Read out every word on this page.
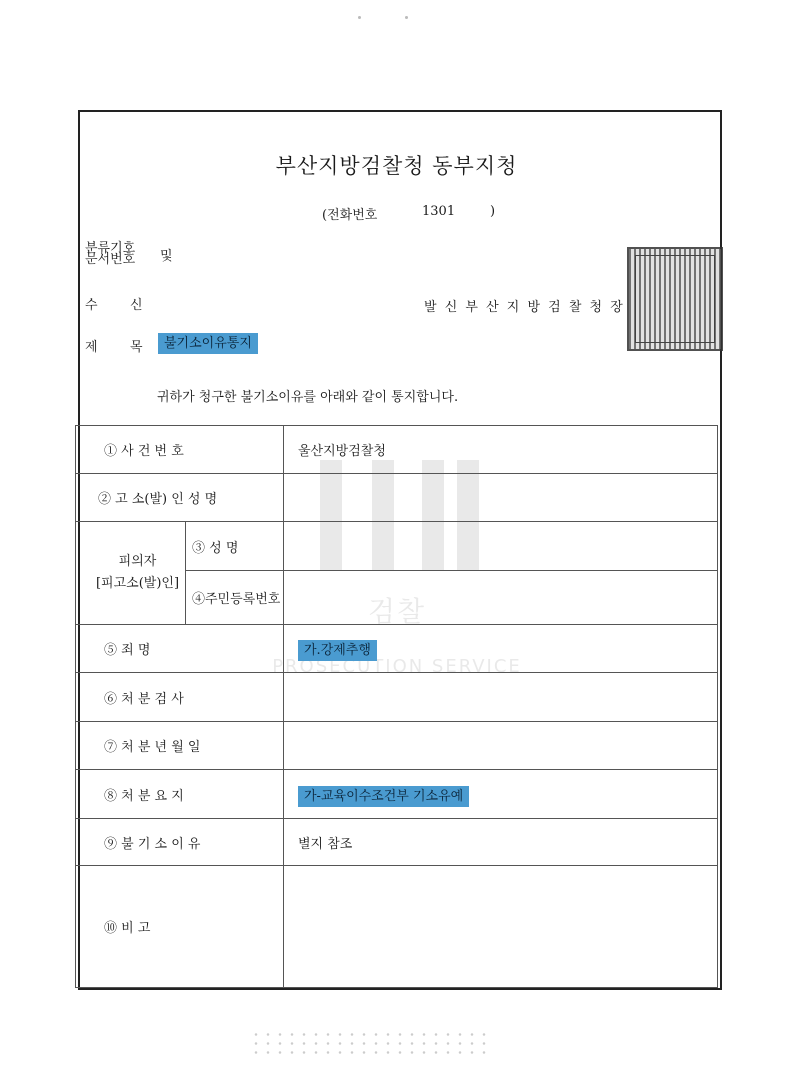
부산지방검찰청 동부지청
(전화번호	1301	)
분류기호
문서번호 및
수 신	발 신 부 산 지 방 검 찰 청 장
제 목	불기소이유통지
귀하가 청구한 불기소이유를 아래와 같이 통지합니다.
검찰
PROSECUTION SERVICE
① 사 건 번 호		울산지방검찰청
② 고 소(발) 인 성 명		

피의자
[피고소(발)인]	③ 성 명	
	④주민등록번호	
⑤ 죄 명		가.강제추행
⑥ 처 분 검 사		
⑦ 처 분 년 월 일		
⑧ 처 분 요 지		가-교육이수조건부 기소유예
⑨ 불 기 소 이 유		별지 참조
⑩ 비 고		
